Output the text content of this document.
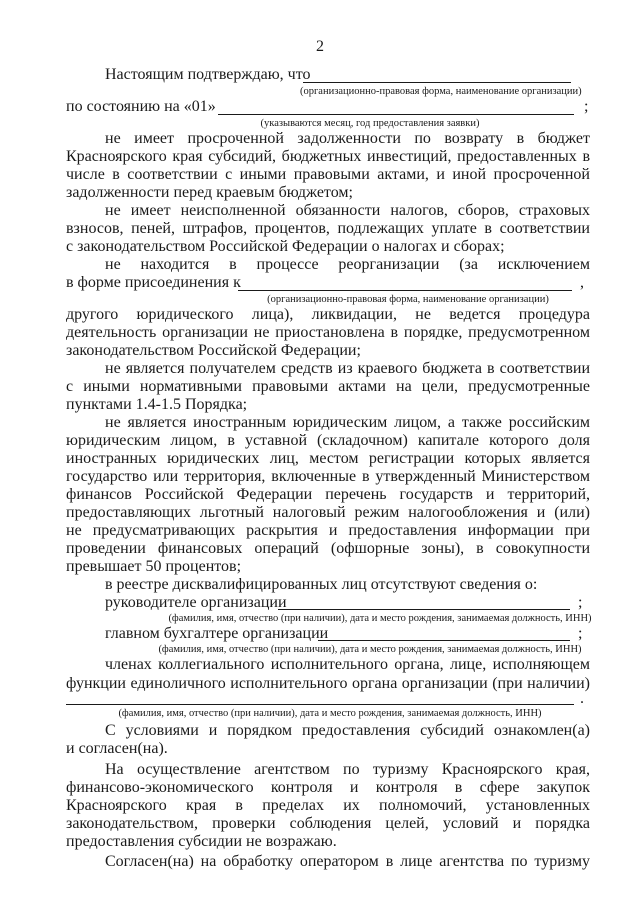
2
Настоящим подтверждаю, что
(организационно-правовая форма, наименование организации)
по состоянию на «01»	;
(указываются месяц, год предоставления заявки)
не имеет просроченной задолженности по возврату в бюджет
Красноярского края субсидий, бюджетных инвестиций, предоставленных в
числе в соответствии с иными правовыми актами, и иной просроченной
задолженности перед краевым бюджетом;
не имеет неисполненной обязанности налогов, сборов, страховых
взносов, пеней, штрафов, процентов, подлежащих уплате в соответствии
с законодательством Российской Федерации о налогах и сборах;
не находится в процессе реорганизации (за исключением
в форме присоединения к	,
(организационно-правовая форма, наименование организации)
другого юридического лица), ликвидации, не ведется процедура
деятельность организации не приостановлена в порядке, предусмотренном
законодательством Российской Федерации;
не является получателем средств из краевого бюджета в соответствии
с иными нормативными правовыми актами на цели, предусмотренные
пунктами 1.4-1.5 Порядка;
не является иностранным юридическим лицом, а также российским
юридическим лицом, в уставной (складочном) капитале которого доля
иностранных юридических лиц, местом регистрации которых является
государство или территория, включенные в утвержденный Министерством
финансов Российской Федерации перечень государств и территорий,
предоставляющих льготный налоговый режим налогообложения и (или)
не предусматривающих раскрытия и предоставления информации при
проведении финансовых операций (офшорные зоны), в совокупности
превышает 50 процентов;
в реестре дисквалифицированных лиц отсутствуют сведения о:
руководителе организации	;
(фамилия, имя, отчество (при наличии), дата и место рождения, занимаемая должность, ИНН)
главном бухгалтере организации	;
(фамилия, имя, отчество (при наличии), дата и место рождения, занимаемая должность, ИНН)
членах коллегиального исполнительного органа, лице, исполняющем
функции единоличного исполнительного органа организации (при наличии)
.
(фамилия, имя, отчество (при наличии), дата и место рождения, занимаемая должность, ИНН)
С условиями и порядком предоставления субсидий ознакомлен(а)
и согласен(на).
На осуществление агентством по туризму Красноярского края,
финансово-экономического контроля и контроля в сфере закупок
Красноярского края в пределах их полномочий, установленных
законодательством, проверки соблюдения целей, условий и порядка
предоставления субсидии не возражаю.
Согласен(на) на обработку оператором в лице агентства по туризму
